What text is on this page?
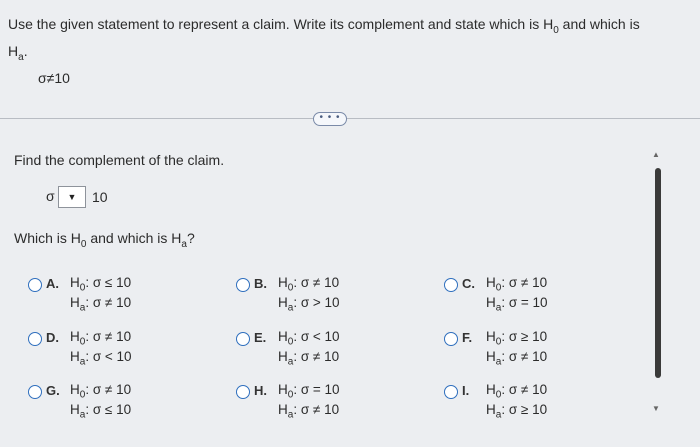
Use the given statement to represent a claim. Write its complement and state which is $H_0$ and which is
$H_a$.
σ≠10
• • •
Find the complement of the claim.
σ ▼ 10
Which is $H_0$ and which is $H_a$?
A. $H_0$: σ ≤ 10
$H_a$: σ ≠ 10
B. $H_0$: σ ≠ 10
$H_a$: σ > 10
C. $H_0$: σ ≠ 10
$H_a$: σ = 10
D. $H_0$: σ ≠ 10
$H_a$: σ < 10
E. $H_0$: σ < 10
$H_a$: σ ≠ 10
F. $H_0$: σ ≥ 10
$H_a$: σ ≠ 10
G. $H_0$: σ ≠ 10
$H_a$: σ ≤ 10
H. $H_0$: σ = 10
$H_a$: σ ≠ 10
I. $H_0$: σ ≠ 10
$H_a$: σ ≥ 10
▲
▼
